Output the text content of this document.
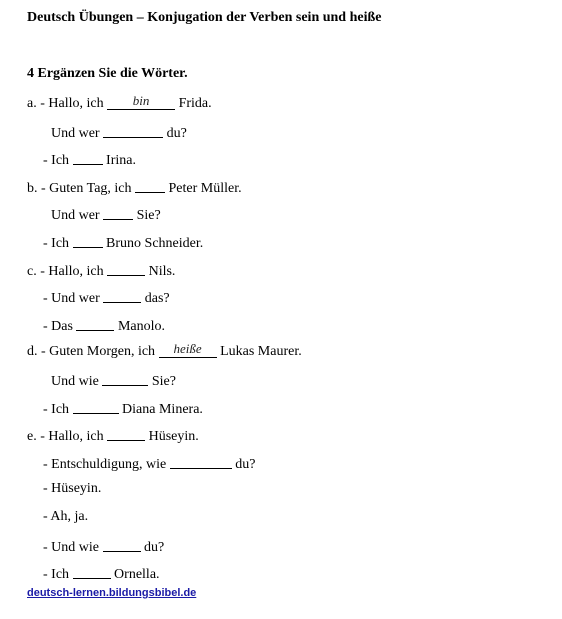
Deutsch Übungen – Konjugation der Verben sein und heiße
4 Ergänzen Sie die Wörter.
a. - Hallo, ich bin Frida.
Und wer	du?
- Ich  Irina.
b. - Guten Tag, ich  Peter Müller.
Und wer  Sie?
- Ich  Bruno Schneider.
c. - Hallo, ich	Nils.
- Und wer	das?
- Das	Manolo.
d. - Guten Morgen, ich heiße Lukas Maurer.
Und wie	Sie?
- Ich	Diana Minera.
e. - Hallo, ich	Hüseyin.
- Entschuldigung, wie	du?
- Hüseyin.
- Ah, ja.
- Und wie	du?
- Ich	Ornella.
deutsch-lernen.bildungsbibel.de
